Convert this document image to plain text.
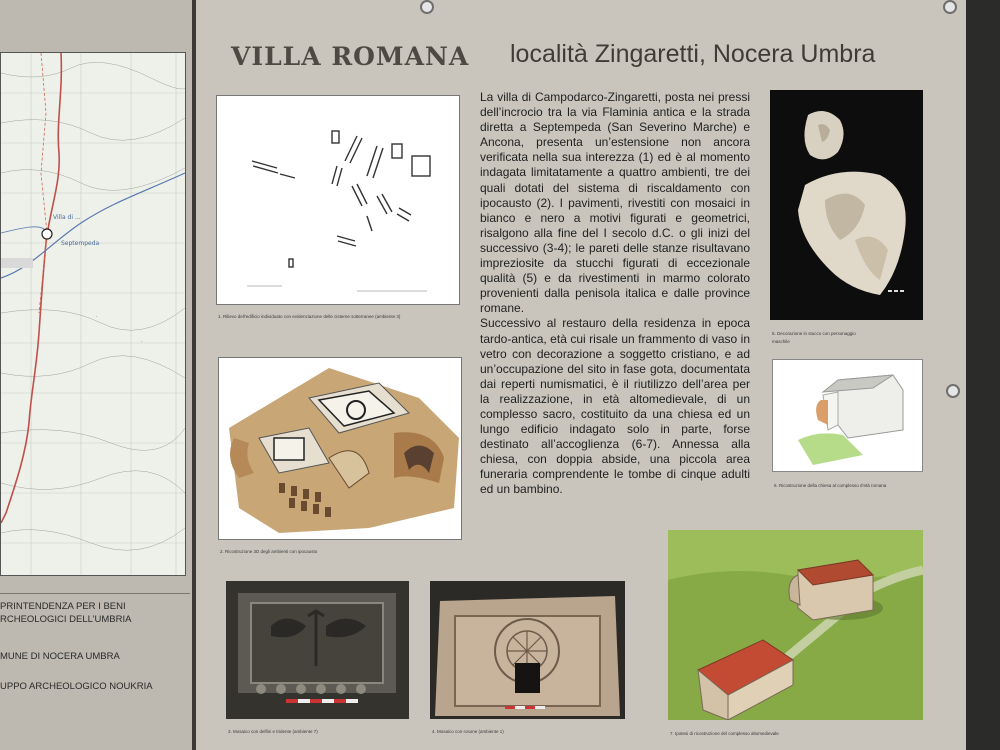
Villa di ...
Septempeda
·
·
PRINTENDENZA PER I BENI
RCHEOLOGICI DELL’UMBRIA
MUNE DI NOCERA UMBRA
UPPO ARCHEOLOGICO NOUKRIA
VILLA ROMANA località Zingaretti, Nocera Umbra

La villa di Campodarco-Zingaretti, posta nei pressi dell’incrocio tra la via Flaminia antica e la strada diretta a Septempeda (San Severino Marche) e Ancona, presenta un’estensione non ancora verificata nella sua interezza (1) ed è al momento indagata limitatamente a quattro ambienti, tre dei quali dotati del sistema di riscaldamento con ipocausto (2). I pavimenti, rivestiti con mosaici in bianco e nero a motivi figurati e geometrici, risalgono alla fine del I secolo d.C. o gli inizi del successivo (3-4); le pareti delle stanze risultavano impreziosite da stucchi figurati di eccezionale qualità (5) e da rivestimenti in marmo colorato provenienti dalla penisola italica e dalle province romane.

Successivo al restauro della residenza in epoca tardo-antica, età cui risale un frammento di vaso in vetro con decorazione a soggetto cristiano, e ad un’occupazione del sito in fase gota, documentata dai reperti numismatici, è il riutilizzo dell’area per la realizzazione, in età altomedievale, di un complesso sacro, costituito da una chiesa ed un lungo edificio indagato solo in parte, forse destinato all’accoglienza (6-7). Annessa alla chiesa, con doppia abside, una piccola area funeraria comprendente le tombe di cinque adulti ed un bambino.

1. Rilievo dell’edificio individuato con evidenziazione delle cisterne sotterranee (ambiente 3)
2. Ricostruzione 3D degli ambienti con ipocausto
3. Mosaico con delfini e tridente (ambiente 7)	4. Mosaico con rosone (ambiente 1)
5. Decorazione in stucco con personaggio
maschile
6. Ricostruzione della chiesa al complesso d’età romana
7. Ipotesi di ricostruzione del complesso altomedievale
